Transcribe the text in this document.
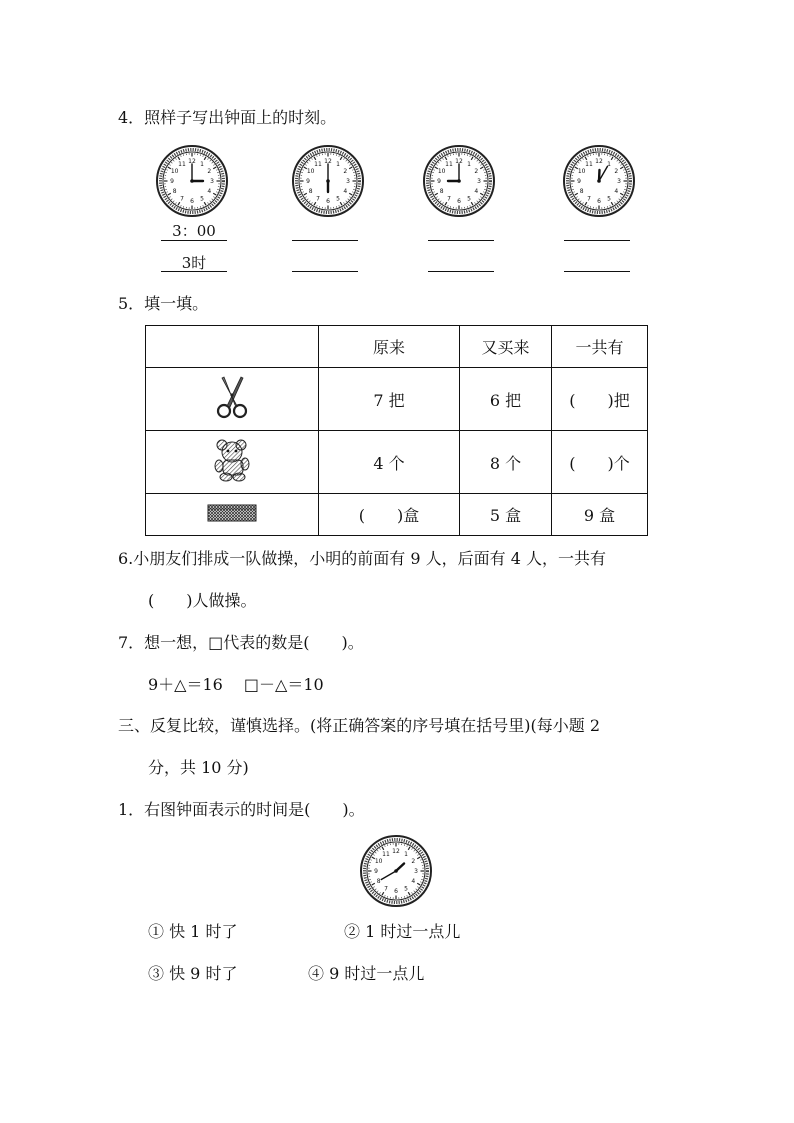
4．照样子写出钟面上的时刻。
1
2
3
4
5
6
7
8
9
10
11 12	1
2
3
4
5
6
7
8
9
10
11 12	1
2
3
4
5
6
7
8
9
10
11 12	1
2
3
4
5
6
7
8
9
10
11 12
3：00
3时
5．填一填。
	原来	又买来	一共有
	7 把	6 把	(　　)把
	4 个	8 个	(　　)个
	(　　)盒	5 盒	9 盒
6.小朋友们排成一队做操，小明的前面有 9 人，后面有 4 人，一共有
(　　)人做操。
7．想一想，□代表的数是(　　)。
9＋△＝16　 □－△＝10
三、反复比较，谨慎选择。(将正确答案的序号填在括号里)(每小题 2
分，共 10 分)
1．右图钟面表示的时间是(　　)。
1
2
3
4
5
6
7
8
9
10
11 12
① 快 1 时了	② 1 时过一点儿
③ 快 9 时了	④ 9 时过一点儿
